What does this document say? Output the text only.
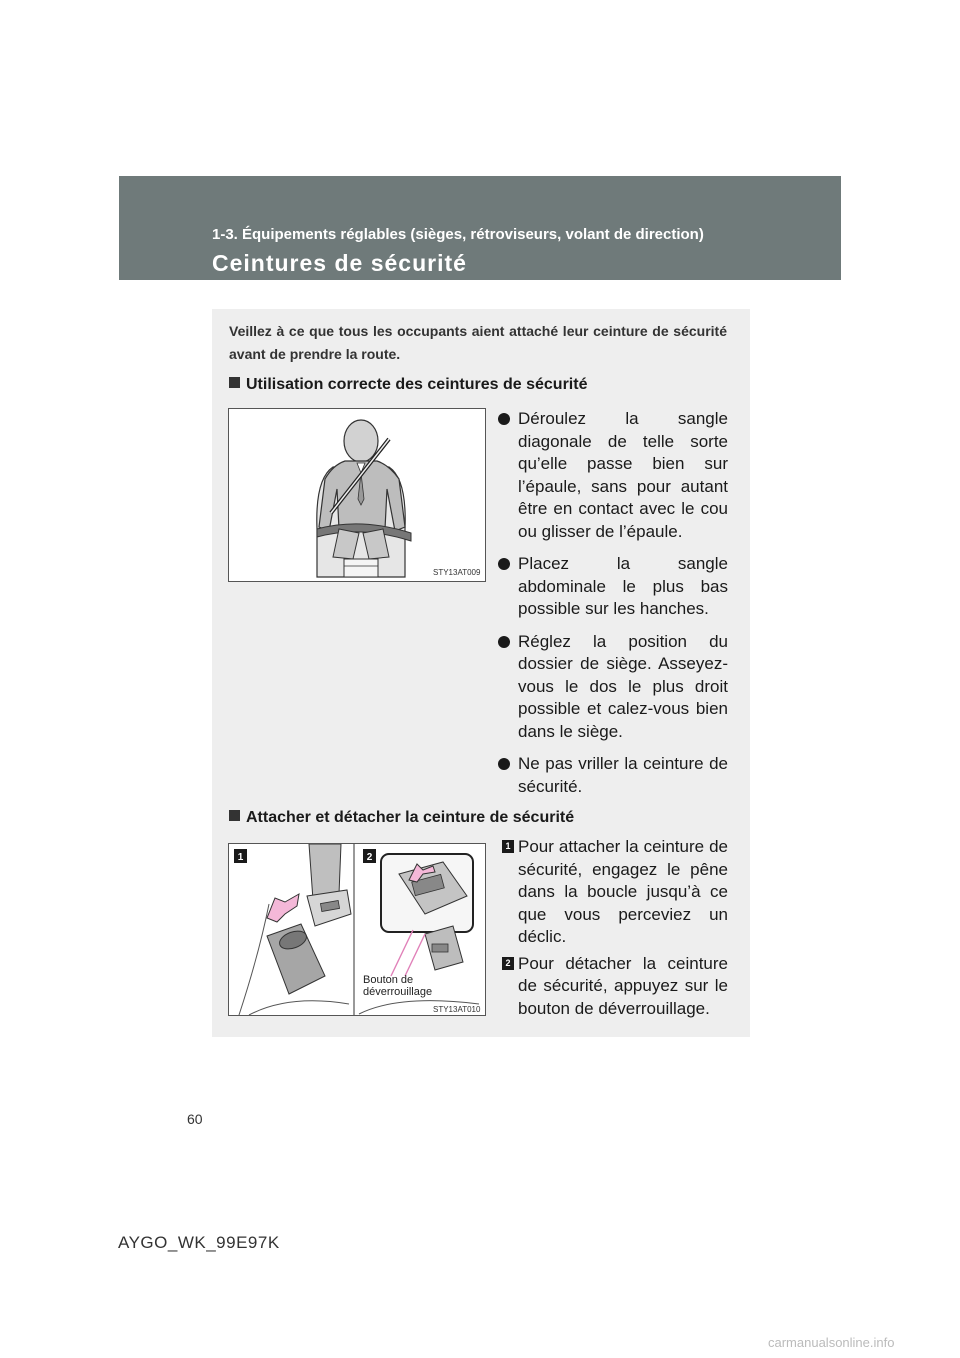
1-3. Équipements réglables (sièges, rétroviseurs, volant de direction)
Ceintures de sécurité
Veillez à ce que tous les occupants aient attaché leur ceinture de sécurité avant de prendre la route.
Utilisation correcte des ceintures de sécurité
STY13AT009
Déroulez la sangle diagonale de telle sorte qu’elle passe bien sur l’épaule, sans pour autant être en contact avec le cou ou glisser de l’épaule.
Placez la sangle abdominale le plus bas possible sur les hanches.
Réglez la position du dossier de siège. Asseyez-vous le dos le plus droit possible et calez-vous bien dans le siège.
Ne pas vriller la ceinture de sécurité.
Attacher et détacher la ceinture de sécurité
1	2
Bouton de
déverrouillage
STY13AT010
1 Pour attacher la ceinture de sécurité, engagez le pêne dans la boucle jusqu’à ce que vous perceviez un déclic.
2 Pour détacher la ceinture de sécurité, appuyez sur le bouton de déverrouillage.
60
AYGO_WK_99E97K
carmanualsonline.info
